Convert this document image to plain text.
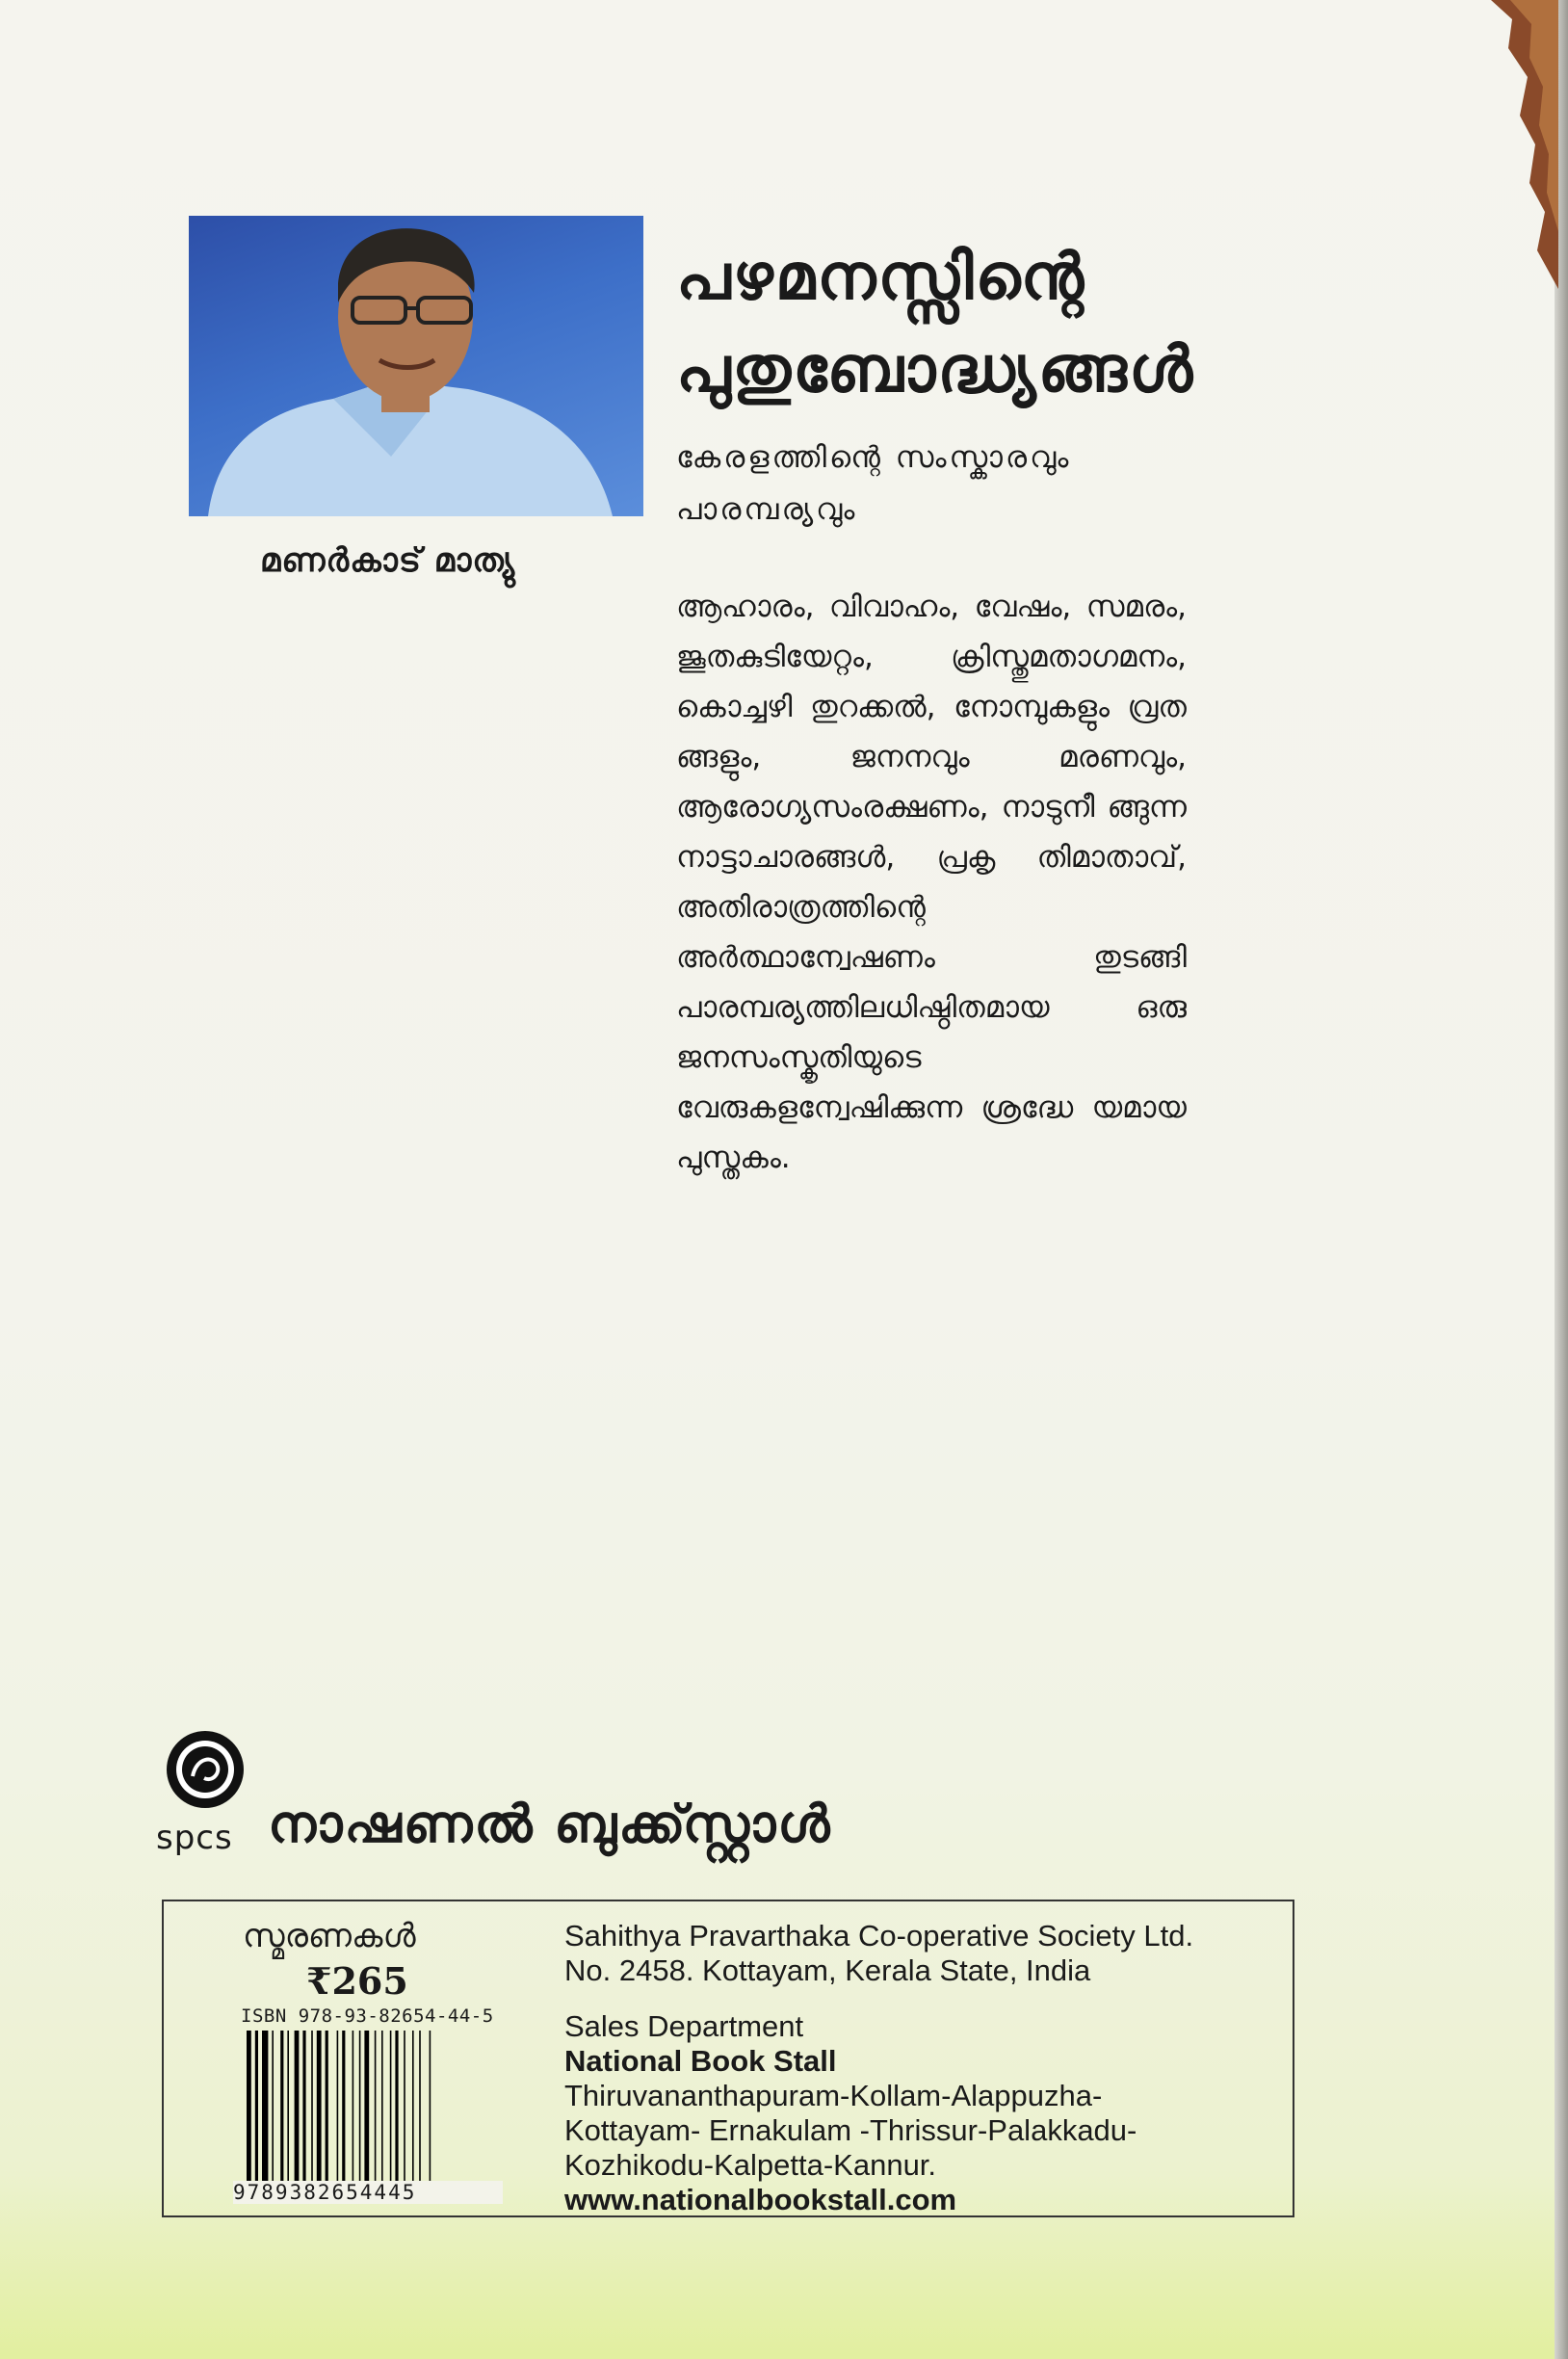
മണർകാട് മാത്യു
പഴമനസ്സിന്റെ
പുതുബോദ്ധ്യങ്ങൾ
കേരളത്തിന്റെ സംസ്കാരവും
പാരമ്പര്യവും
ആഹാരം, വിവാഹം, വേഷം, സമരം, ജൂതകുടിയേറ്റം, ക്രിസ്തുമതാഗമനം, കൊച്ചഴി തുറക്കൽ, നോമ്പുകളും വ്രത ങ്ങളും, ജനനവും മരണവും, ആരോഗ്യസംരക്ഷണം, നാടുനീ ങ്ങുന്ന നാട്ടാചാരങ്ങൾ, പ്രകൃ തിമാതാവ്, അതിരാത്രത്തിന്റെ അർത്ഥാന്വേഷണം തുടങ്ങി പാരമ്പര്യത്തിലധിഷ്ഠിതമായ ഒരു ജനസംസ്കൃതിയുടെ വേരുകളന്വേഷിക്കുന്ന ശ്രദ്ധേ യമായ പുസ്തകം.
spcs നാഷണൽ ബുക്ക്സ്റ്റാൾ
സ്മരണകൾ
₹265
ISBN 978-93-82654-44-5
9789382654445

Sahithya Pravarthaka Co-operative Society Ltd.

No. 2458. Kottayam, Kerala State, India

Sales Department

National Book Stall

Thiruvananthapuram-Kollam-Alappuzha-

Kottayam- Ernakulam -Thrissur-Palakkadu-

Kozhikodu-Kalpetta-Kannur.

www.nationalbookstall.com
